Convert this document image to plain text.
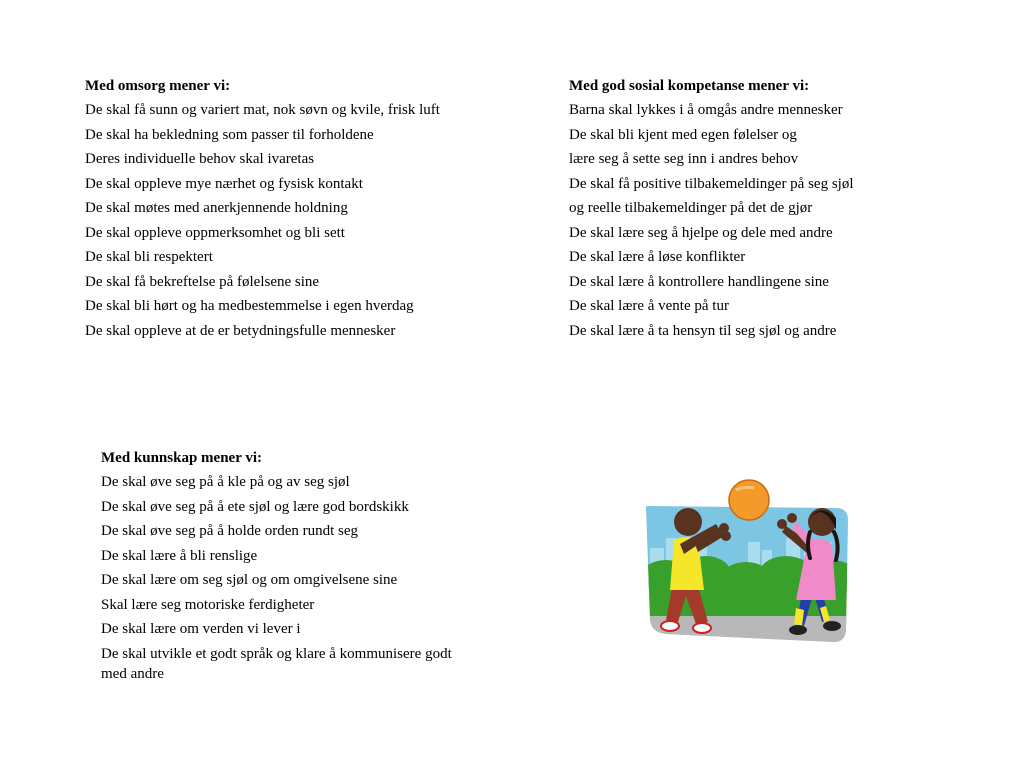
Med omsorg mener vi:
De skal få sunn og variert mat, nok søvn og kvile, frisk luft
De skal ha bekledning som passer til forholdene
Deres individuelle behov skal ivaretas
De skal oppleve mye nærhet og fysisk kontakt
De skal møtes med anerkjennende holdning
De skal oppleve oppmerksomhet og bli sett
De skal bli respektert
De skal få bekreftelse på følelsene sine
De skal bli hørt og ha medbestemmelse i egen hverdag
De skal oppleve at de er betydningsfulle mennesker
Med god sosial kompetanse mener vi:
Barna skal lykkes i å omgås andre mennesker
De skal bli kjent med egen følelser og
lære seg å sette seg inn i andres behov
De skal få positive tilbakemeldinger på seg sjøl
og reelle tilbakemeldinger på det de gjør
De skal lære seg å hjelpe og dele med andre
De skal lære å løse konflikter
De skal lære å kontrollere handlingene sine
De skal lære å vente på tur
De skal lære å ta hensyn til seg sjøl og andre
Med kunnskap mener vi:
De skal øve seg på å kle på og av seg sjøl
De skal øve seg på å ete sjøl og lære god bordskikk
De skal øve seg på å holde orden rundt seg
De skal lære å bli renslige
De skal lære om seg sjøl og om omgivelsene sine
Skal lære seg motoriske ferdigheter
De skal lære om verden vi lever i
De skal utvikle et godt språk og klare å kommunisere godt med andre
